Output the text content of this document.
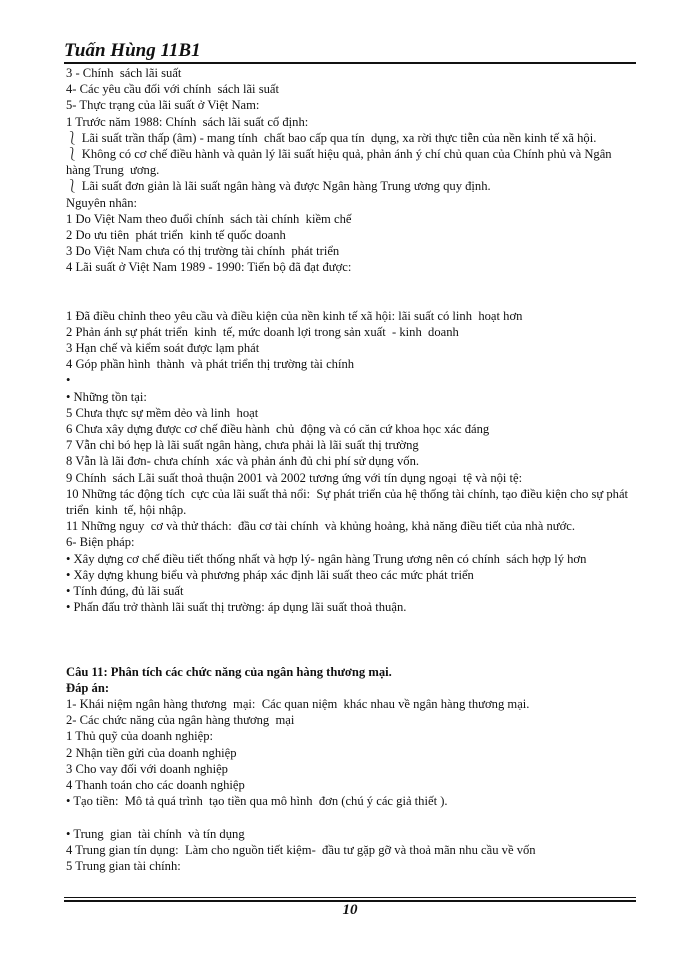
Tuấn Hùng 11B1

3 - Chính  sách lãi suất

4- Các yêu cầu đối với chính  sách lãi suất

5- Thực trạng của lãi suất ở Việt Nam:

1 Trước năm 1988: Chính  sách lãi suất cố định:

⎱ Lãi suất trần thấp (âm) - mang tính  chất bao cấp qua tín  dụng, xa rời thực tiễn của nền kinh tế xã hội.

⎱ Không có cơ chế điều hành và quản lý lãi suất hiệu quả, phản ánh ý chí chủ quan của Chính phủ và Ngân hàng Trung  ương.

⎱ Lãi suất đơn giản là lãi suất ngân hàng và được Ngân hàng Trung ương quy định.

Nguyên nhân:

1 Do Việt Nam theo đuổi chính  sách tài chính  kiềm chế

2 Do ưu tiên  phát triển  kinh tế quốc doanh

3 Do Việt Nam chưa có thị trường tài chính  phát triển

4 Lãi suất ở Việt Nam 1989 - 1990: Tiến bộ đã đạt được:

1 Đã điều chỉnh theo yêu cầu và điều kiện của nền kinh tế xã hội: lãi suất có linh  hoạt hơn

2 Phản ánh sự phát triển  kinh  tế, mức doanh lợi trong sản xuất  - kinh  doanh

3 Hạn chế và kiểm soát được lạm phát

4 Góp phần hình  thành  và phát triển thị trường tài chính

•

• Những tồn tại:

5 Chưa thực sự mềm dẻo và linh  hoạt

6 Chưa xây dựng được cơ chế điều hành  chủ  động và có căn cứ khoa học xác đáng

7 Vẫn chỉ bó hẹp là lãi suất ngân hàng, chưa phải là lãi suất thị trường

8 Vẫn là lãi đơn- chưa chính  xác và phản ánh đủ chi phí sử dụng vốn.

9 Chính  sách Lãi suất thoả thuận 2001 và 2002 tương ứng với tín dụng ngoại  tệ và nội tệ:

10 Những tác động tích  cực của lãi suất thả nổi:  Sự phát triển của hệ thống tài chính, tạo điều kiện cho sự phát triển  kinh  tế, hội nhập.

11 Những nguy  cơ và thử thách:  đầu cơ tài chính  và khủng hoảng, khả năng điều tiết của nhà nước.

6- Biện pháp:

• Xây dựng cơ chế điều tiết thống nhất và hợp lý- ngân hàng Trung ương nên có chính  sách hợp lý hơn

• Xây dựng khung biểu và phương pháp xác định lãi suất theo các mức phát triển

• Tính đúng, đủ lãi suất

• Phấn đấu trở thành lãi suất thị trường: áp dụng lãi suất thoả thuận.

Câu 11: Phân tích các chức năng của ngân hàng thương mại.

Đáp án:

1- Khái niệm ngân hàng thương  mại:  Các quan niệm  khác nhau về ngân hàng thương mại.

2- Các chức năng của ngân hàng thương  mại

1 Thủ quỹ của doanh nghiệp:

2 Nhận tiền gửi của doanh nghiệp

3 Cho vay đối với doanh nghiệp

4 Thanh toán cho các doanh nghiệp

• Tạo tiền:  Mô tả quá trình  tạo tiền qua mô hình  đơn (chú ý các giả thiết ).

• Trung  gian  tài chính  và tín dụng

4 Trung gian tín dụng:  Làm cho nguồn tiết kiệm-  đầu tư gặp gỡ và thoả mãn nhu cầu về vốn

5 Trung gian tài chính:

10
